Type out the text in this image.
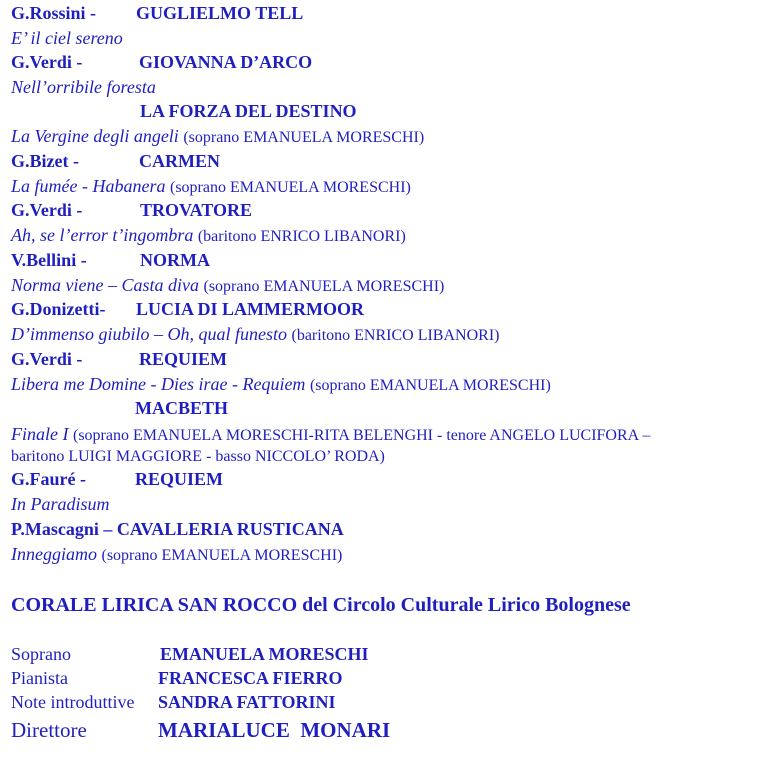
G.Rossini - GUGLIELMO TELL
E’ il ciel sereno
G.Verdi -	GIOVANNA D’ARCO
Nell’orribile foresta
LA FORZA DEL DESTINO
La Vergine degli angeli (soprano EMANUELA MORESCHI)
G.Bizet -	CARMEN
La fumée - Habanera (soprano EMANUELA MORESCHI)
G.Verdi -	TROVATORE
Ah, se l’error t’ingombra (baritono ENRICO LIBANORI)
V.Bellini -	NORMA
Norma viene – Casta diva (soprano EMANUELA MORESCHI)
G.Donizetti- LUCIA DI LAMMERMOOR
D’immenso giubilo – Oh, qual funesto (baritono ENRICO LIBANORI)
G.Verdi -	REQUIEM
Libera me Domine - Dies irae - Requiem (soprano EMANUELA MORESCHI)
MACBETH
Finale I (soprano EMANUELA MORESCHI-RITA BELENGHI - tenore ANGELO LUCIFORA –
baritono LUIGI MAGGIORE - basso NICCOLO’ RODA)
G.Fauré -	REQUIEM
In Paradisum
P.Mascagni – CAVALLERIA RUSTICANA
Inneggiamo (soprano EMANUELA MORESCHI)
CORALE LIRICA SAN ROCCO del Circolo Culturale Lirico Bolognese
Soprano	EMANUELA MORESCHI
Pianista	FRANCESCA FIERRO
Note introduttive SANDRA FATTORINI
Direttore	MARIALUCE  MONARI
